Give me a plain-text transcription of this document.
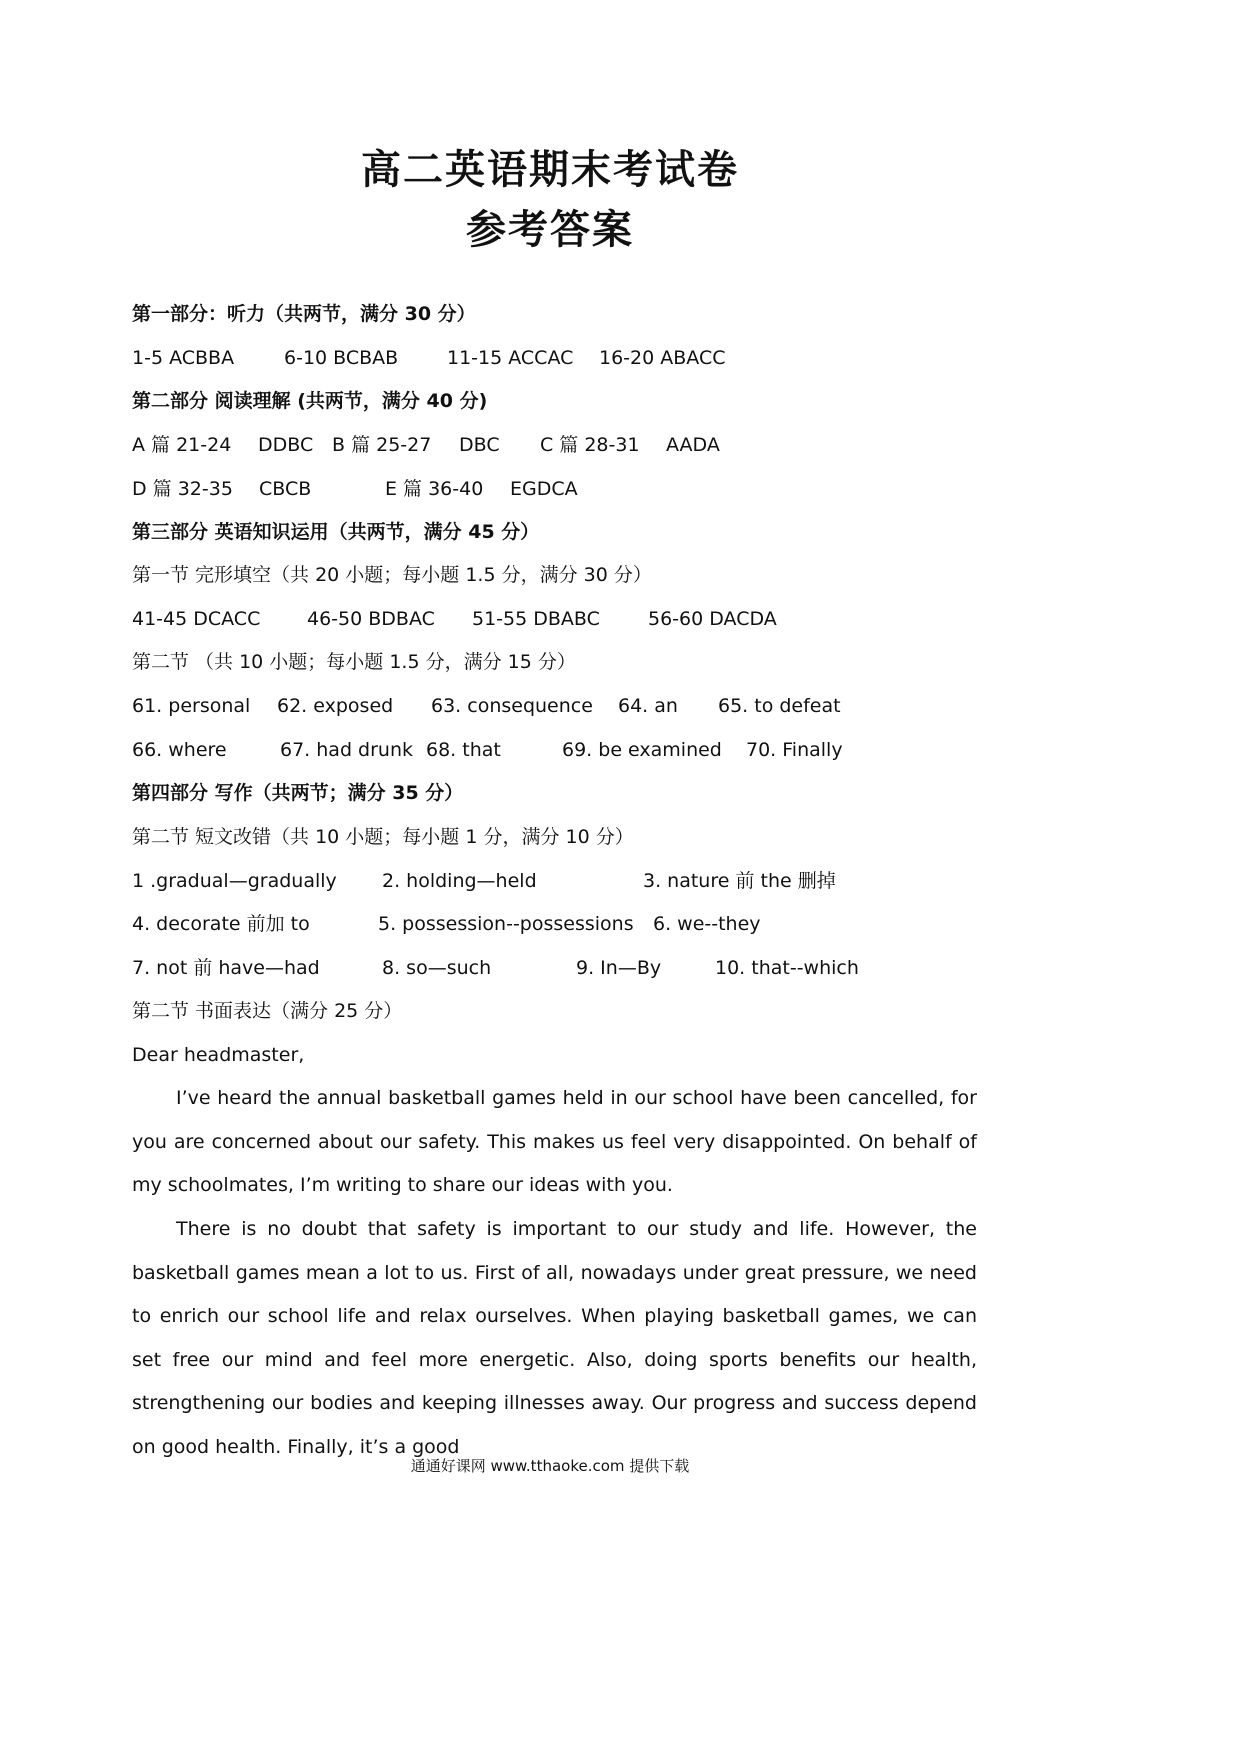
高二英语期末考试卷
参考答案
第一部分：听力（共两节，满分 30 分）
1-5 ACBBA	6-10 BCBAB	11-15 ACCAC 16-20 ABACC
第二部分 阅读理解 (共两节，满分 40 分)
A 篇 21-24 DDBC B 篇 25-27 DBC C 篇 28-31 AADA
D 篇 32-35 CBCB	E 篇 36-40 EGDCA
第三部分 英语知识运用（共两节，满分 45 分）
第一节 完形填空（共 20 小题；每小题 1.5 分，满分 30 分）
41-45 DCACC 46-50 BDBAC 51-55 DBABC	56-60 DACDA
第二节 （共 10 小题；每小题 1.5 分，满分 15 分）
61. personal 62. exposed 63. consequence 64. an 65. to defeat
66. where	67. had drunk 68. that	69. be examined 70. Finally
第四部分 写作（共两节；满分 35 分）
第二节 短文改错（共 10 小题；每小题 1 分，满分 10 分）
1 .gradual—gradually 2. holding—held	3. nature 前 the 删掉
4. decorate 前加 to	5. possession--possessions 6. we--they
7. not 前 have—had	8. so—such	9. In—By	10. that--which
第二节 书面表达（满分 25 分）
Dear headmaster,

I’ve heard the annual basketball games held in our school have been cancelled, for you are concerned about our safety. This makes us feel very disappointed. On behalf of my schoolmates, I’m writing to share our ideas with you.

There is no doubt that safety is important to our study and life. However, the basketball games mean a lot to us. First of all, nowadays under great pressure, we need to enrich our school life and relax ourselves. When playing basketball games, we can set free our mind and feel more energetic. Also, doing sports benefits our health, strengthening our bodies and keeping illnesses away. Our progress and success depend on good health. Finally, it’s a good

通通好课网 www.tthaoke.com 提供下载
